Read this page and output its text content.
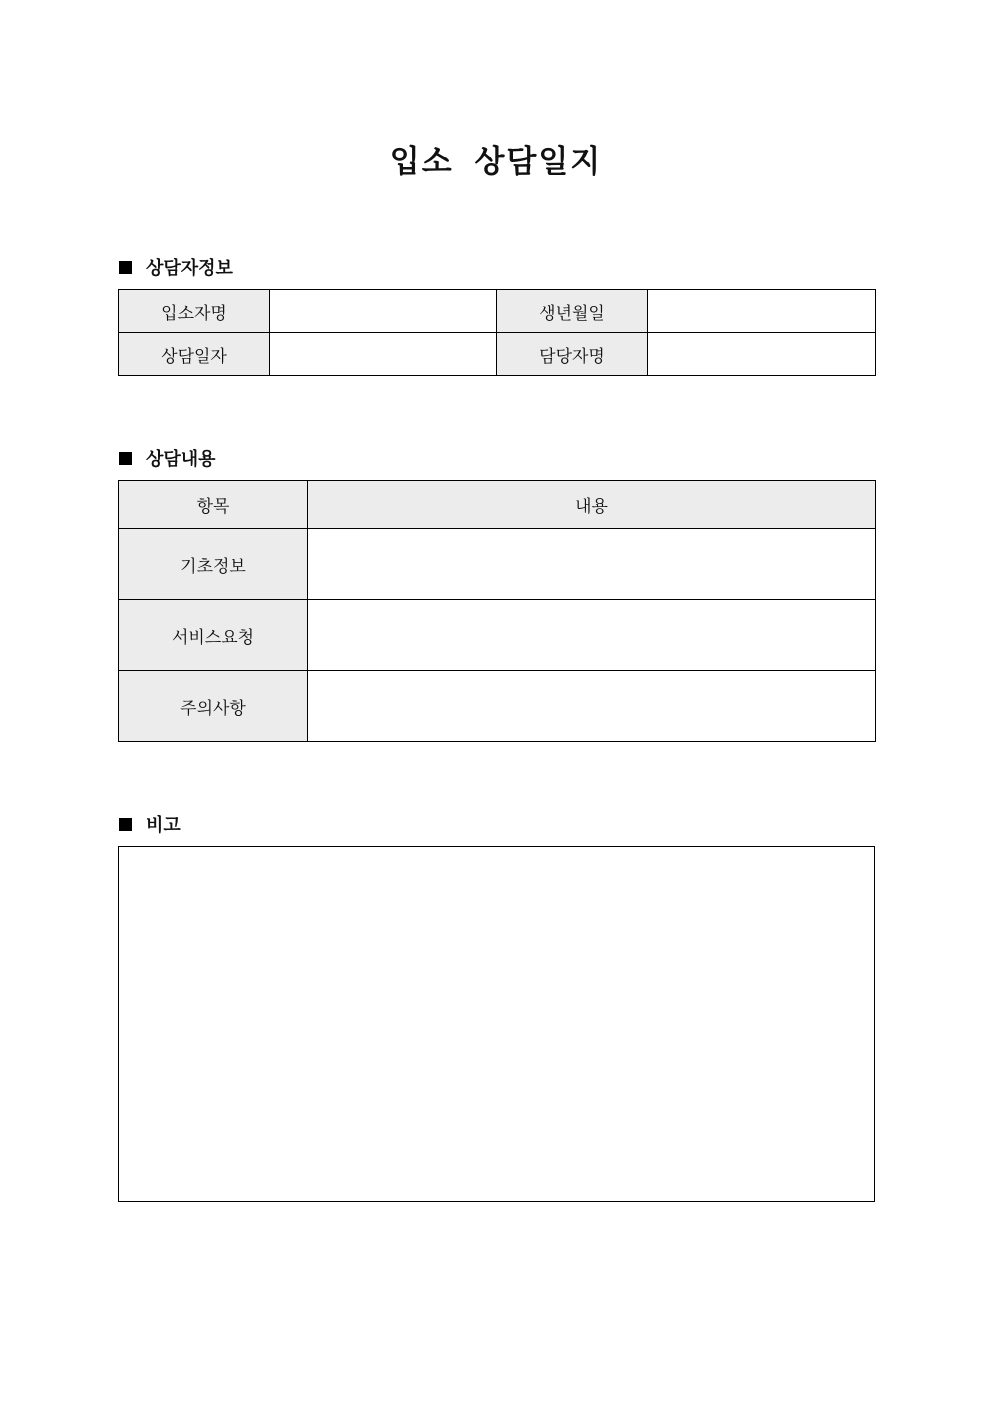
입소 상담일지
상담자정보
입소자명		생년월일	
상담일자		담당자명	
상담내용
항목	내용
기초정보	
서비스요청	
주의사항	
비고
